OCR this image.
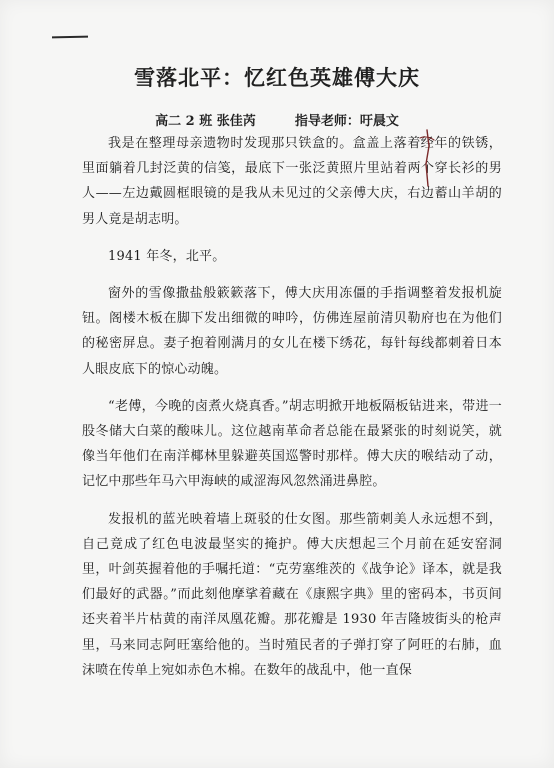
雪落北平：忆红色英雄傅大庆
高二 2 班 张佳芮	指导老师：吁晨文

我是在整理母亲遗物时发现那只铁盒的。盒盖上落着经年的铁锈，里面躺着几封泛黄的信笺，最底下一张泛黄照片里站着两个穿长衫的男人——左边戴圆框眼镜的是我从未见过的父亲傅大庆，右边蓄山羊胡的男人竟是胡志明。

1941 年冬，北平。

窗外的雪像撒盐般簌簌落下，傅大庆用冻僵的手指调整着发报机旋钮。阁楼木板在脚下发出细微的呻吟，仿佛连屋前清贝勒府也在为他们的秘密屏息。妻子抱着刚满月的女儿在楼下绣花，每针每线都刺着日本人眼皮底下的惊心动魄。

“老傅，今晚的卤煮火烧真香。”胡志明掀开地板隔板钻进来，带进一股冬储大白菜的酸味儿。这位越南革命者总能在最紧张的时刻说笑，就像当年他们在南洋椰林里躲避英国巡警时那样。傅大庆的喉结动了动，记忆中那些年马六甲海峡的咸涩海风忽然涌进鼻腔。

发报机的蓝光映着墙上斑驳的仕女图。那些箭刺美人永远想不到，自己竟成了红色电波最坚实的掩护。傅大庆想起三个月前在延安窑洞里，叶剑英握着他的手嘱托道：“克劳塞维茨的《战争论》译本，就是我们最好的武器。”而此刻他摩挲着藏在《康熙字典》里的密码本，书页间还夹着半片枯黄的南洋凤凰花瓣。那花瓣是 1930 年吉隆坡街头的枪声里，马来同志阿旺塞给他的。当时殖民者的子弹打穿了阿旺的右肺，血沫喷在传单上宛如赤色木棉。在数年的战乱中，他一直保
